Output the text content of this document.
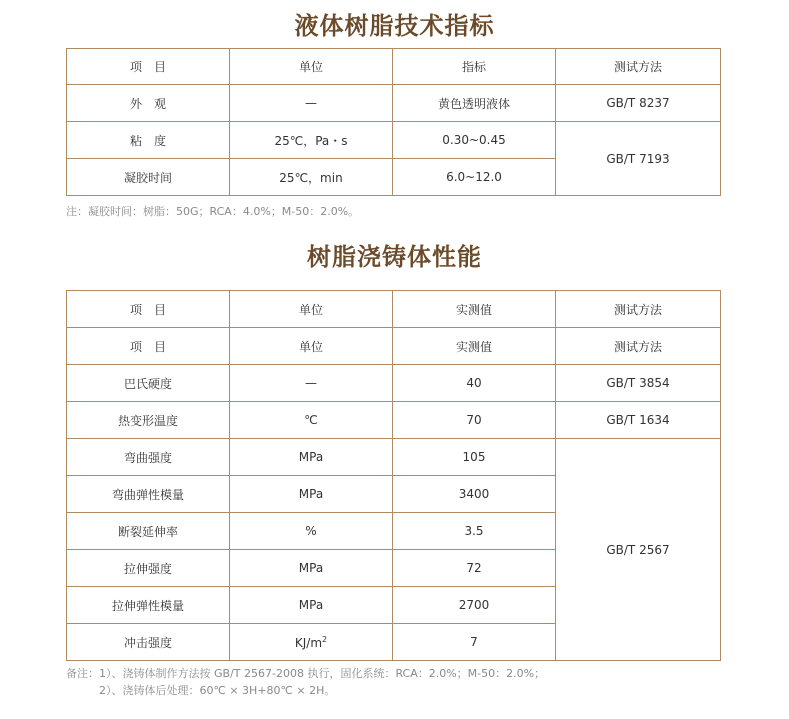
液体树脂技术指标
项　目	单位	指标	测试方法
外　观	—	黄色透明液体	GB/T 8237
粘　度	25℃，Pa・s	0.30~0.45	GB/T 7193
凝胶时间	25℃，min	6.0~12.0	
注：凝胶时间：树脂：50G；RCA：4.0%；M-50：2.0%。
树脂浇铸体性能
项　目	单位	实测值	测试方法
项　目	单位	实测值	测试方法
巴氏硬度	—	40	GB/T 3854
热变形温度	℃	70	GB/T 1634
弯曲强度	MPa	105	GB/T 2567
弯曲弹性模量	MPa	3400	
断裂延伸率	%	3.5	
拉伸强度	MPa	72	
拉伸弹性模量	MPa	2700	
冲击强度	$KJ/m^2$	7	
备注：1）、浇铸体制作方法按 GB/T 2567-2008 执行，固化系统：RCA：2.0%；M-50：2.0%；
　　　2）、浇铸体后处理：60℃ × 3H+80℃ × 2H。
